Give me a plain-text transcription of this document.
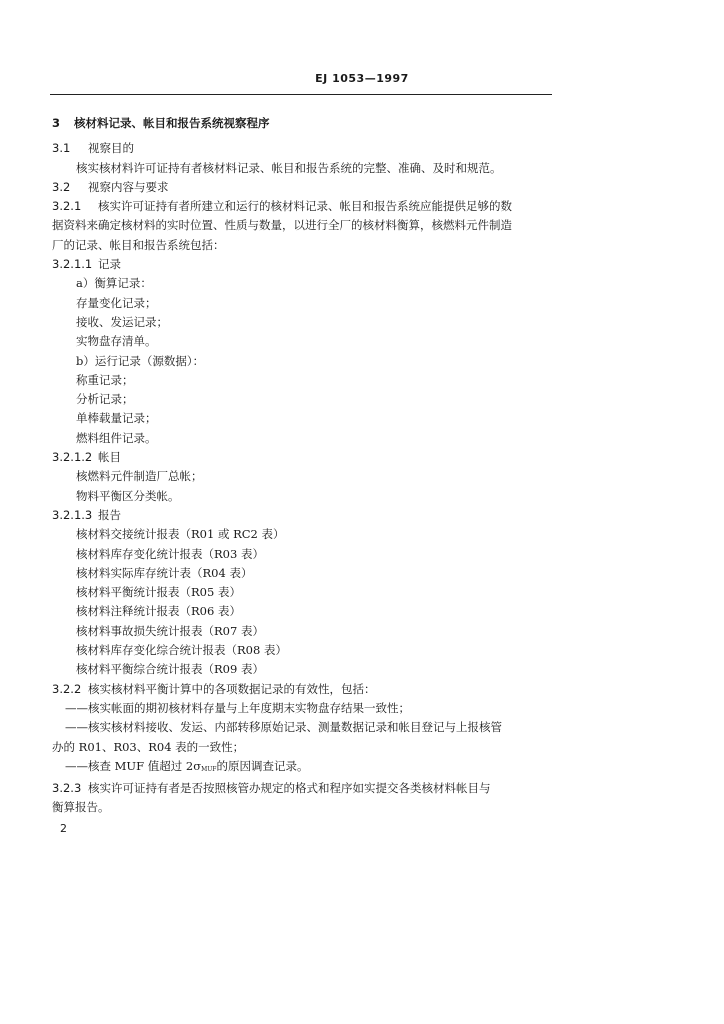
EJ 1053—1997
3 核材料记录、帐目和报告系统视察程序
3.1 视察目的
核实核材料许可证持有者核材料记录、帐目和报告系统的完整、准确、及时和规范。
3.2 视察内容与要求
3.2.1 核实许可证持有者所建立和运行的核材料记录、帐目和报告系统应能提供足够的数
据资料来确定核材料的实时位置、性质与数量，以进行全厂的核材料衡算，核燃料元件制造
厂的记录、帐目和报告系统包括：
3.2.1.1 记录
a）衡算记录：
存量变化记录；
接收、发运记录；
实物盘存清单。
b）运行记录（源数据）：
称重记录；
分析记录；
单棒载量记录；
燃料组件记录。
3.2.1.2 帐目
核燃料元件制造厂总帐；
物料平衡区分类帐。
3.2.1.3 报告
核材料交接统计报表（R01 或 RC2 表）
核材料库存变化统计报表（R03 表）
核材料实际库存统计表（R04 表）
核材料平衡统计报表（R05 表）
核材料注释统计报表（R06 表）
核材料事故损失统计报表（R07 表）
核材料库存变化综合统计报表（R08 表）
核材料平衡综合统计报表（R09 表）
3.2.2 核实核材料平衡计算中的各项数据记录的有效性，包括：
——核实帐面的期初核材料存量与上年度期末实物盘存结果一致性；
——核实核材料接收、发运、内部转移原始记录、测量数据记录和帐目登记与上报核管
办的 R01、R03、R04 表的一致性；
——核查 MUF 值超过 2σMUF的原因调查记录。
3.2.3 核实许可证持有者是否按照核管办规定的格式和程序如实提交各类核材料帐目与
衡算报告。
2
